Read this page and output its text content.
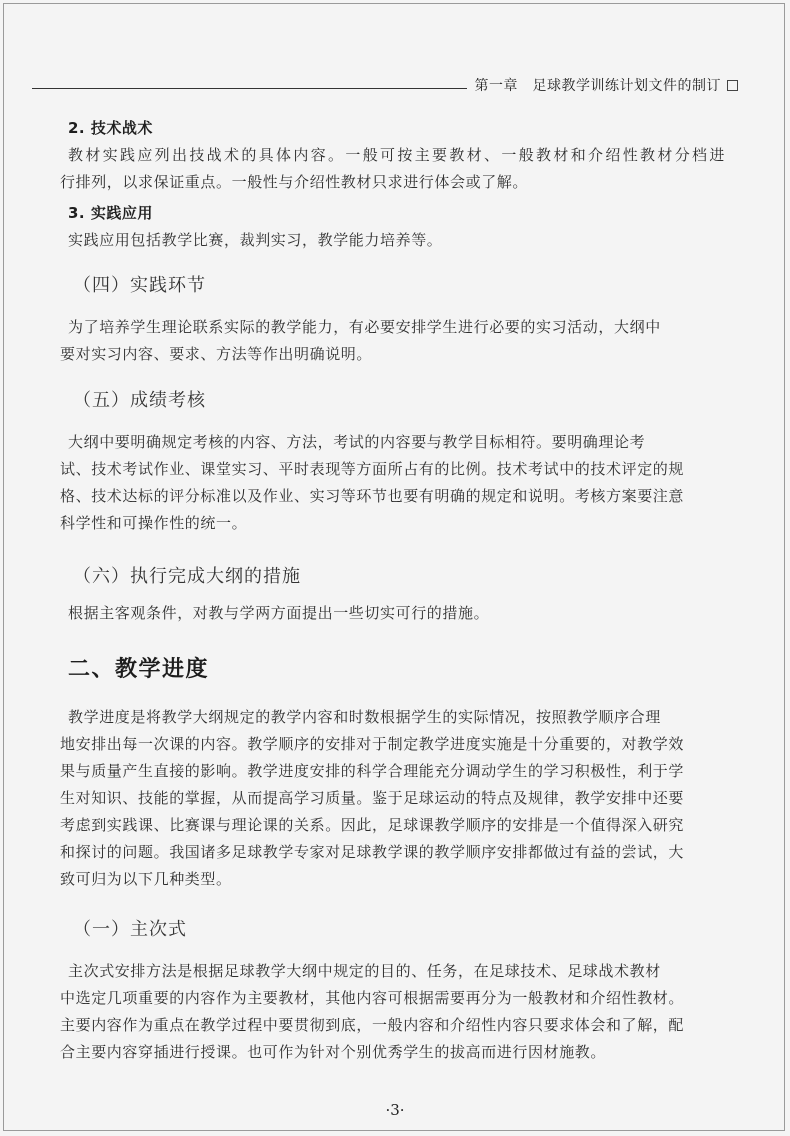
第一章　足球教学训练计划文件的制订
2. 技术战术
教材实践应列出技战术的具体内容。一般可按主要教材、一般教材和介绍性教材分档进
行排列，以求保证重点。一般性与介绍性教材只求进行体会或了解。
3. 实践应用
实践应用包括教学比赛，裁判实习，教学能力培养等。
（四）实践环节
为了培养学生理论联系实际的教学能力，有必要安排学生进行必要的实习活动，大纲中
要对实习内容、要求、方法等作出明确说明。
（五）成绩考核
大纲中要明确规定考核的内容、方法，考试的内容要与教学目标相符。要明确理论考
试、技术考试作业、课堂实习、平时表现等方面所占有的比例。技术考试中的技术评定的规
格、技术达标的评分标准以及作业、实习等环节也要有明确的规定和说明。考核方案要注意
科学性和可操作性的统一。
（六）执行完成大纲的措施
根据主客观条件，对教与学两方面提出一些切实可行的措施。
二、教学进度
教学进度是将教学大纲规定的教学内容和时数根据学生的实际情况，按照教学顺序合理
地安排出每一次课的内容。教学顺序的安排对于制定教学进度实施是十分重要的，对教学效
果与质量产生直接的影响。教学进度安排的科学合理能充分调动学生的学习积极性，利于学
生对知识、技能的掌握，从而提高学习质量。鉴于足球运动的特点及规律，教学安排中还要
考虑到实践课、比赛课与理论课的关系。因此，足球课教学顺序的安排是一个值得深入研究
和探讨的问题。我国诸多足球教学专家对足球教学课的教学顺序安排都做过有益的尝试，大
致可归为以下几种类型。
（一）主次式
主次式安排方法是根据足球教学大纲中规定的目的、任务，在足球技术、足球战术教材
中选定几项重要的内容作为主要教材，其他内容可根据需要再分为一般教材和介绍性教材。
主要内容作为重点在教学过程中要贯彻到底，一般内容和介绍性内容只要求体会和了解，配
合主要内容穿插进行授课。也可作为针对个别优秀学生的拔高而进行因材施教。
·3·
